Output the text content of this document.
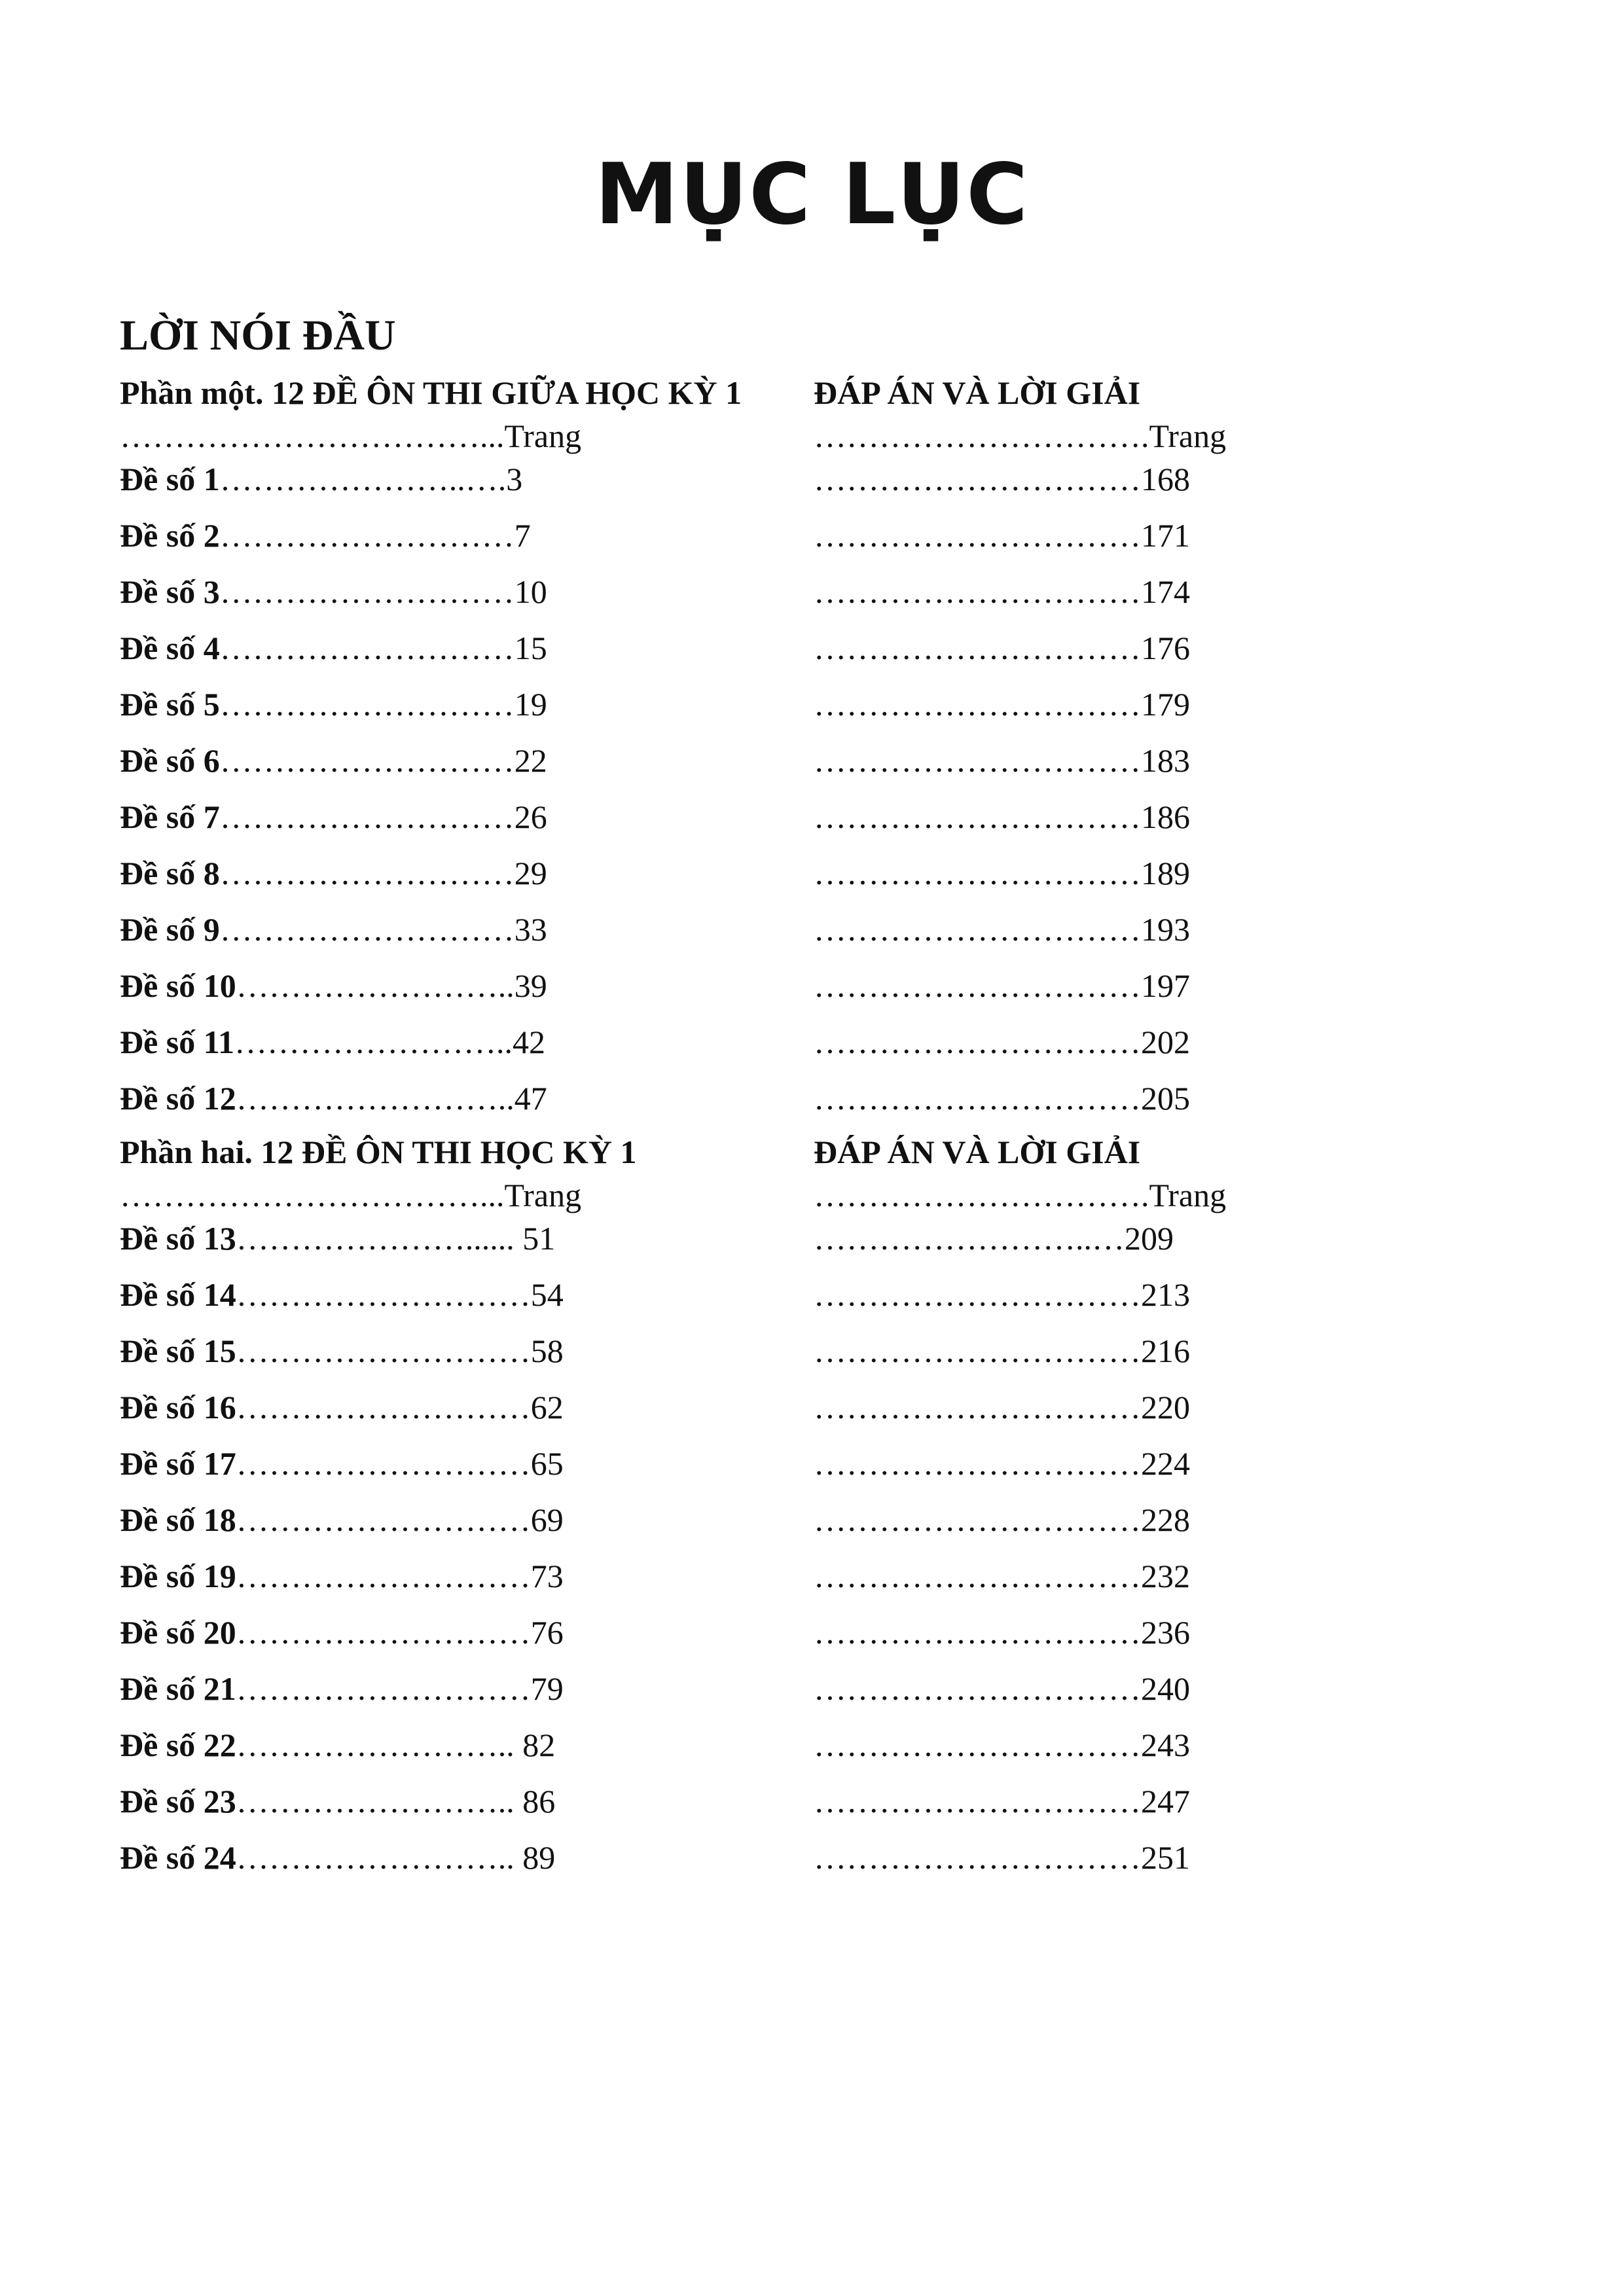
MỤC LỤC
LỜI NÓI ĐẦU
Phần một. 12 ĐỀ ÔN THI GIỮA HỌC KỲ 1
……………………………...Trang
Đề số 1…………………..….3
Đề số 2………………………7
Đề số 3………………………10
Đề số 4………………………15
Đề số 5………………………19
Đề số 6………………………22
Đề số 7………………………26
Đề số 8………………………29
Đề số 9………………………33
Đề số 10……………………..39
Đề số 11……………………..42
Đề số 12……………………..47
Phần hai. 12 ĐỀ ÔN THI HỌC KỲ 1
……………………………...Trang
Đề số 13…………………...... 51
Đề số 14………………………54
Đề số 15………………………58
Đề số 16………………………62
Đề số 17………………………65
Đề số 18………………………69
Đề số 19………………………73
Đề số 20………………………76
Đề số 21………………………79
Đề số 22…………………….. 82
Đề số 23…………………….. 86
Đề số 24…………………….. 89
ĐÁP ÁN VÀ LỜI GIẢI
………………………….Trang
…………………………168
…………………………171
…………………………174
…………………………176
…………………………179
…………………………183
…………………………186
…………………………189
…………………………193
…………………………197
…………………………202
…………………………205
ĐÁP ÁN VÀ LỜI GIẢI
………………………….Trang
……………………..…209
…………………………213
…………………………216
…………………………220
…………………………224
…………………………228
…………………………232
…………………………236
…………………………240
…………………………243
…………………………247
…………………………251
